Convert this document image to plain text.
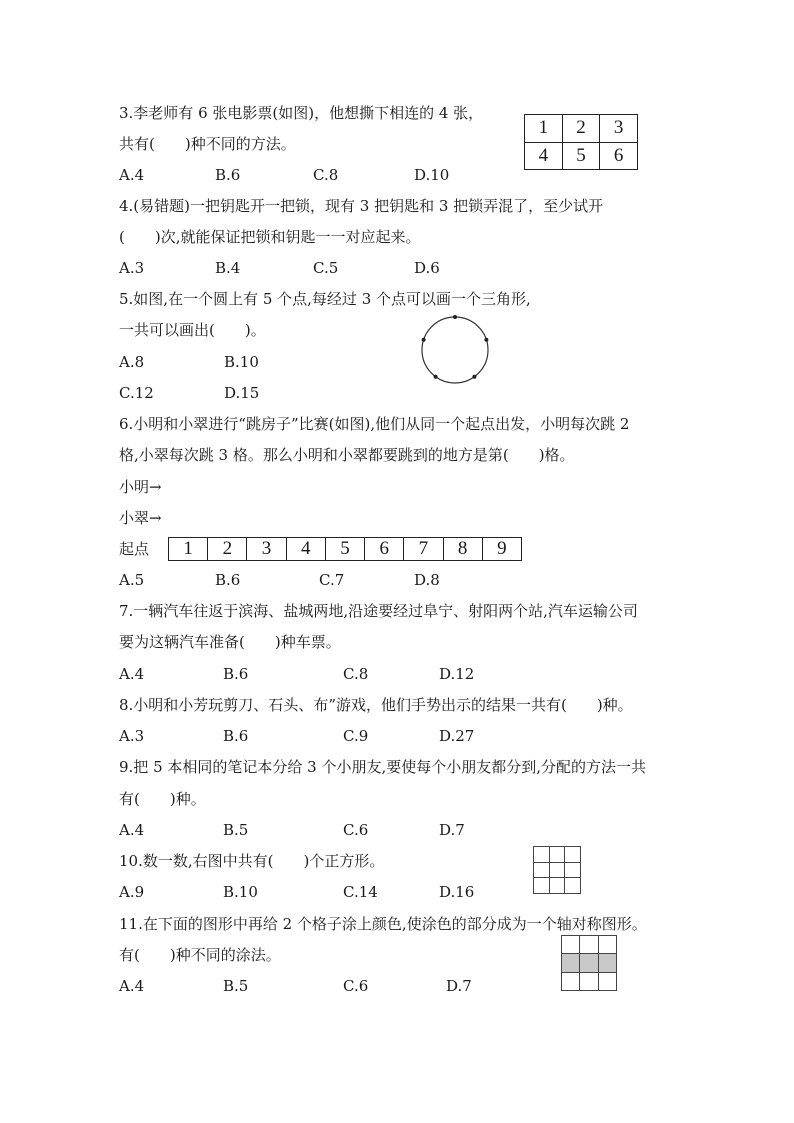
3.李老师有 6 张电影票(如图)，他想撕下相连的 4 张，
共有(　　)种不同的方法。
1	2	3
4	5	6
A.4	B.6	C.8	D.10
4.(易错题)一把钥匙开一把锁，现有 3 把钥匙和 3 把锁弄混了，至少试开
(　　)次,就能保证把锁和钥匙一一对应起来。
A.3	B.4	C.5	D.6
5.如图,在一个圆上有 5 个点,每经过 3 个点可以画一个三角形,
一共可以画出(　　)。
A.8	B.10
C.12	D.15
6.小明和小翠进行“跳房子”比赛(如图),他们从同一个起点出发，小明每次跳 2
格,小翠每次跳 3 格。那么小明和小翠都要跳到的地方是第(　　)格。
小明→
小翠→
起点 1	2	3	4	5	6	7	8	9
A.5	B.6	C.7	D.8
7.一辆汽车往返于滨海、盐城两地,沿途要经过阜宁、射阳两个站,汽车运输公司
要为这辆汽车准备(　　)种车票。
A.4	B.6	C.8	D.12
8.小明和小芳玩剪刀、石头、布”游戏，他们手势出示的结果一共有(　　)种。
A.3	B.6	C.9	D.27
9.把 5 本相同的笔记本分给 3 个小朋友,要使每个小朋友都分到,分配的方法一共
有(　　)种。
A.4	B.5	C.6	D.7
10.数一数,右图中共有(　　)个正方形。

A.9	B.10	C.14	D.16
11.在下面的图形中再给 2 个格子涂上颜色,使涂色的部分成为一个轴对称图形。
有(　　)种不同的涂法。

A.4	B.5	C.6	D.7
